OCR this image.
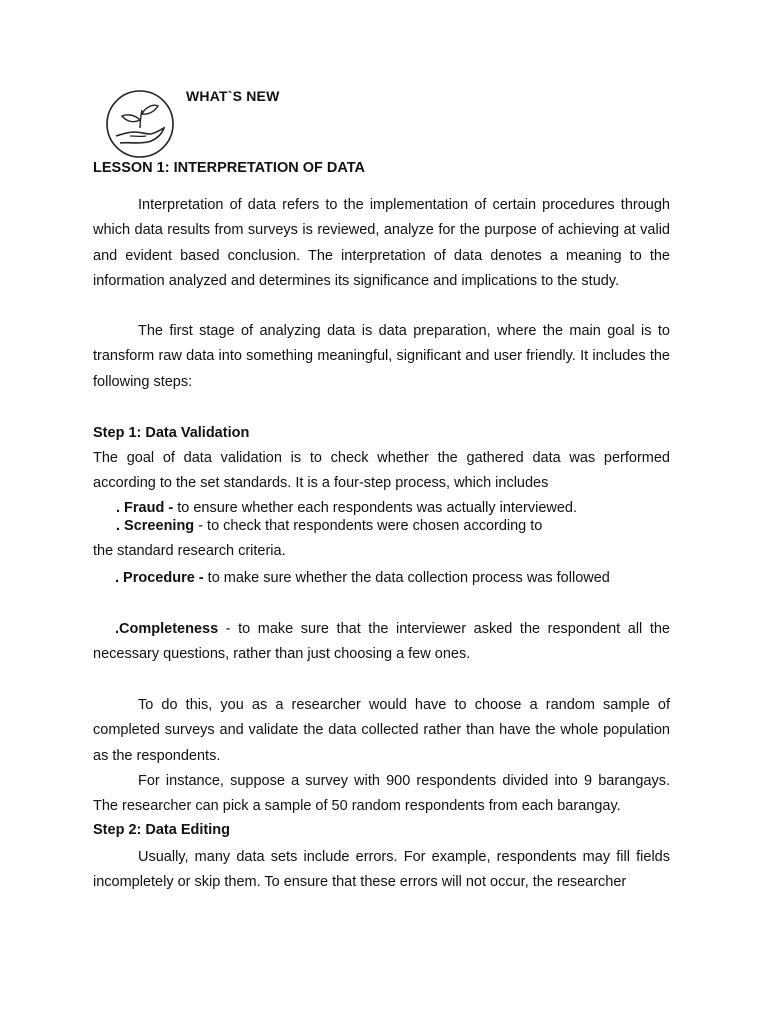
WHAT`S NEW
LESSON 1: INTERPRETATION OF DATA
Interpretation of data refers to the implementation of certain procedures through which data results from surveys is reviewed, analyze for the purpose of achieving at valid and evident based conclusion. The interpretation of data denotes a meaning to the information analyzed and determines its significance and implications to the study.
The first stage of analyzing data is data preparation, where the main goal is to transform raw data into something meaningful, significant and user friendly. It includes the following steps:
Step 1: Data Validation
The goal of data validation is to check whether the gathered data was performed according to the set standards. It is a four-step process, which includes
. Fraud - to ensure whether each respondents was actually interviewed.
. Screening - to check that respondents were chosen according to
the standard research criteria.
. Procedure - to make sure whether the data collection process was followed
.Completeness - to make sure that the interviewer asked the respondent all the necessary questions, rather than just choosing a few ones.
To do this, you as a researcher would have to choose a random sample of completed surveys and validate the data collected rather than have the whole population as the respondents.
For instance, suppose a survey with 900 respondents divided into 9 barangays. The researcher can pick a sample of 50 random respondents from each barangay.
Step 2: Data Editing
Usually, many data sets include errors. For example, respondents may fill fields incompletely or skip them. To ensure that these errors will not occur, the researcher
